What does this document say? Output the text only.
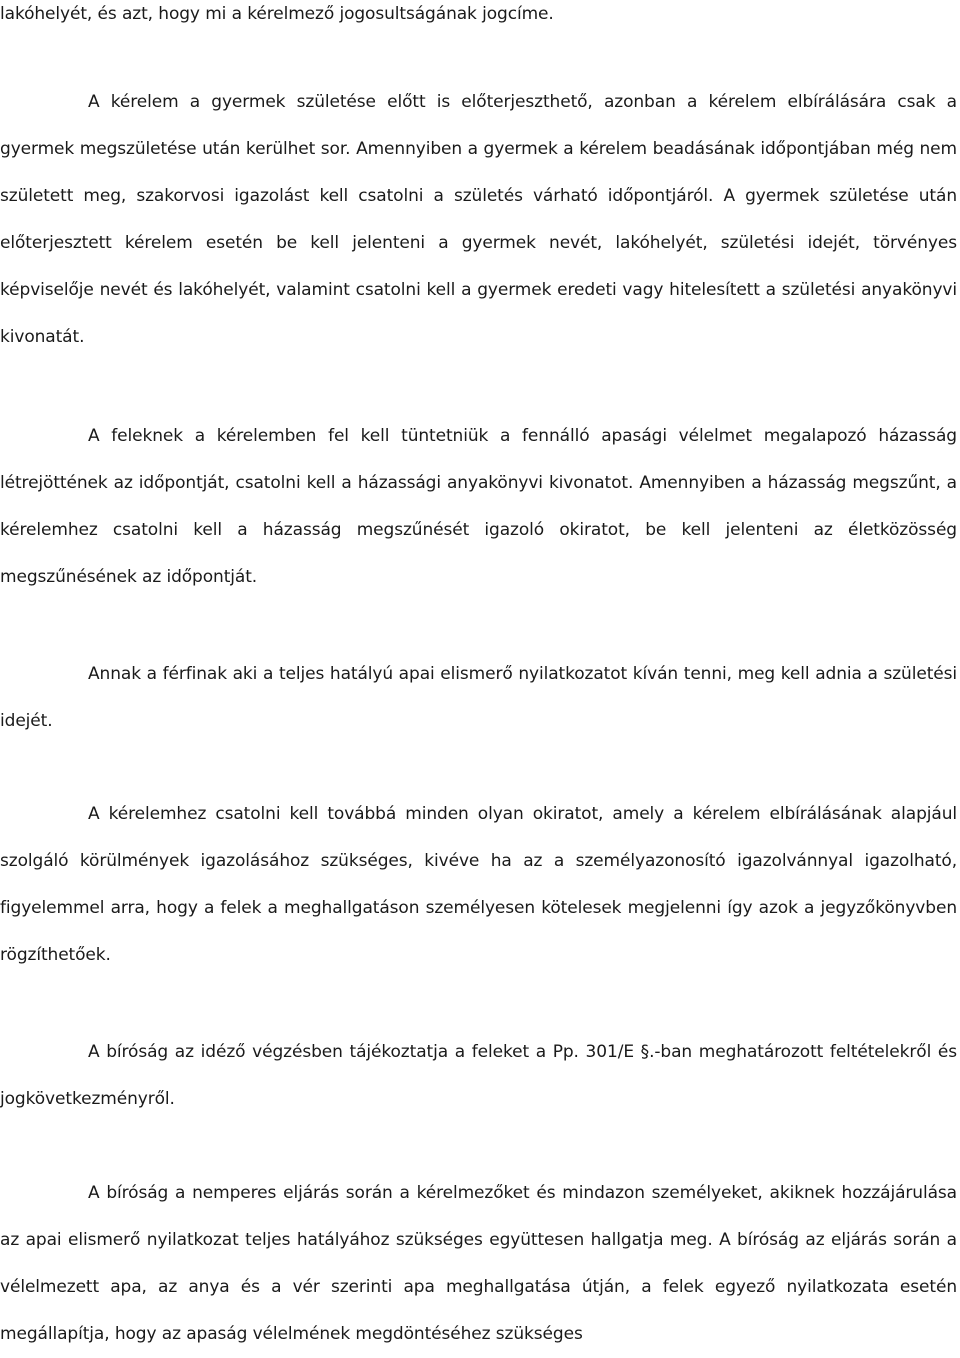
lakóhelyét, és azt, hogy mi a kérelmező jogosultságának jogcíme.

A kérelem a gyermek születése előtt is előterjeszthető, azonban a kérelem elbírálására csak a gyermek megszületése után kerülhet sor. Amennyiben a gyermek a kérelem beadásának időpontjában még nem született meg, szakorvosi igazolást kell csatolni a születés várható időpontjáról. A gyermek születése után előterjesztett kérelem esetén be kell jelenteni a gyermek nevét, lakóhelyét, születési idejét, törvényes képviselője nevét és lakóhelyét, valamint csatolni kell a gyermek eredeti vagy hitelesített a születési anyakönyvi kivonatát.

A feleknek a kérelemben fel kell tüntetniük a fennálló apasági vélelmet megalapozó házasság létrejöttének az időpontját, csatolni kell a házassági anyakönyvi kivonatot. Amennyiben a házasság megszűnt, a kérelemhez csatolni kell a házasság megszűnését igazoló okiratot, be kell jelenteni az életközösség megszűnésének az időpontját.

Annak a férfinak aki a teljes hatályú apai elismerő nyilatkozatot kíván tenni, meg kell adnia a születési idejét.

A kérelemhez csatolni kell továbbá minden olyan okiratot, amely a kérelem elbírálásának alapjául szolgáló körülmények igazolásához szükséges, kivéve ha az a személyazonosító igazolvánnyal igazolható, figyelemmel arra, hogy a felek a meghallgatáson személyesen kötelesek megjelenni így azok a jegyzőkönyvben rögzíthetőek.

A bíróság az idéző végzésben tájékoztatja a feleket a Pp. 301/E §.-ban meghatározott feltételekről és jogkövetkezményről.

A bíróság a nemperes eljárás során a kérelmezőket és mindazon személyeket, akiknek hozzájárulása az apai elismerő nyilatkozat teljes hatályához szükséges együttesen hallgatja meg. A bíróság az eljárás során a vélelmezett apa, az anya és a vér szerinti apa meghallgatása útján, a felek egyező nyilatkozata esetén megállapítja, hogy az apaság vélelmének megdöntéséhez szükséges
